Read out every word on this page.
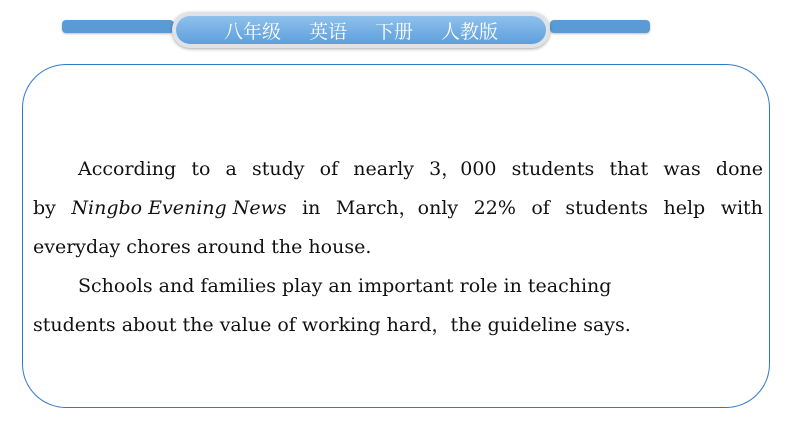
八年级 英语 下册 人教版
According to a study of nearly 3，000 students that was done
by Ningbo Evening News in March，only 22% of students help with
everyday chores around the house.
Schools and families play an important role in teaching
students about the value of working hard，the guideline says.
